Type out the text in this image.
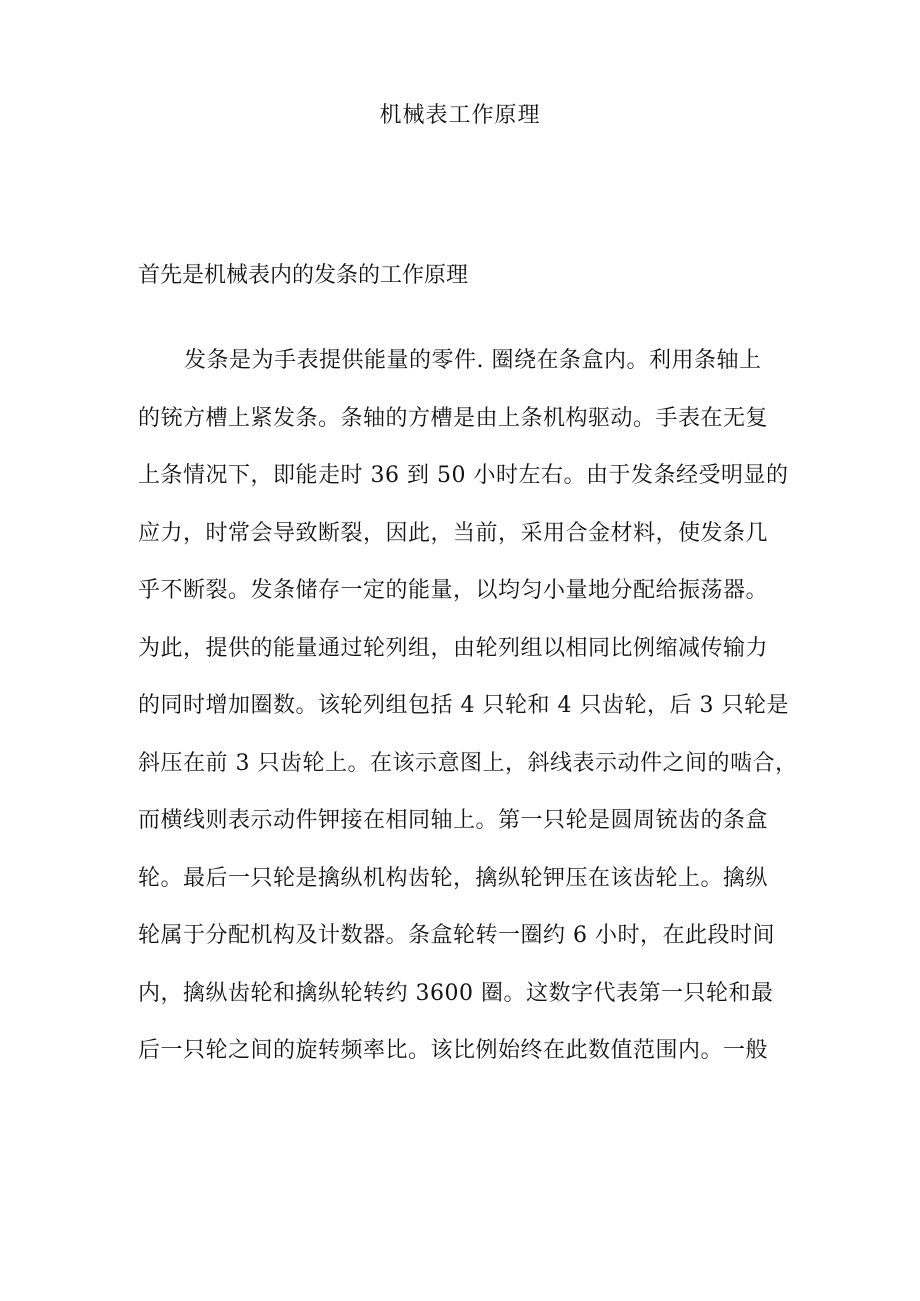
机械表工作原理
首先是机械表内的发条的工作原理
发条是为手表提供能量的零件. 圈绕在条盒内。利用条轴上
的铳方槽上紧发条。条轴的方槽是由上条机构驱动。手表在无复
上条情况下，即能走时 36 到 50 小时左右。由于发条经受明显的
应力，时常会导致断裂，因此，当前，采用合金材料，使发条几
乎不断裂。发条储存一定的能量，以均匀小量地分配给振荡器。
为此，提供的能量通过轮列组，由轮列组以相同比例缩减传输力
的同时增加圈数。该轮列组包括 4 只轮和 4 只齿轮，后 3 只轮是
斜压在前 3 只齿轮上。在该示意图上，斜线表示动件之间的啮合，
而横线则表示动件钾接在相同轴上。第一只轮是圆周铳齿的条盒
轮。最后一只轮是擒纵机构齿轮，擒纵轮钾压在该齿轮上。擒纵
轮属于分配机构及计数器。条盒轮转一圈约 6 小时，在此段时间
内，擒纵齿轮和擒纵轮转约 3600 圈。这数字代表第一只轮和最
后一只轮之间的旋转频率比。该比例始终在此数值范围内。一般
